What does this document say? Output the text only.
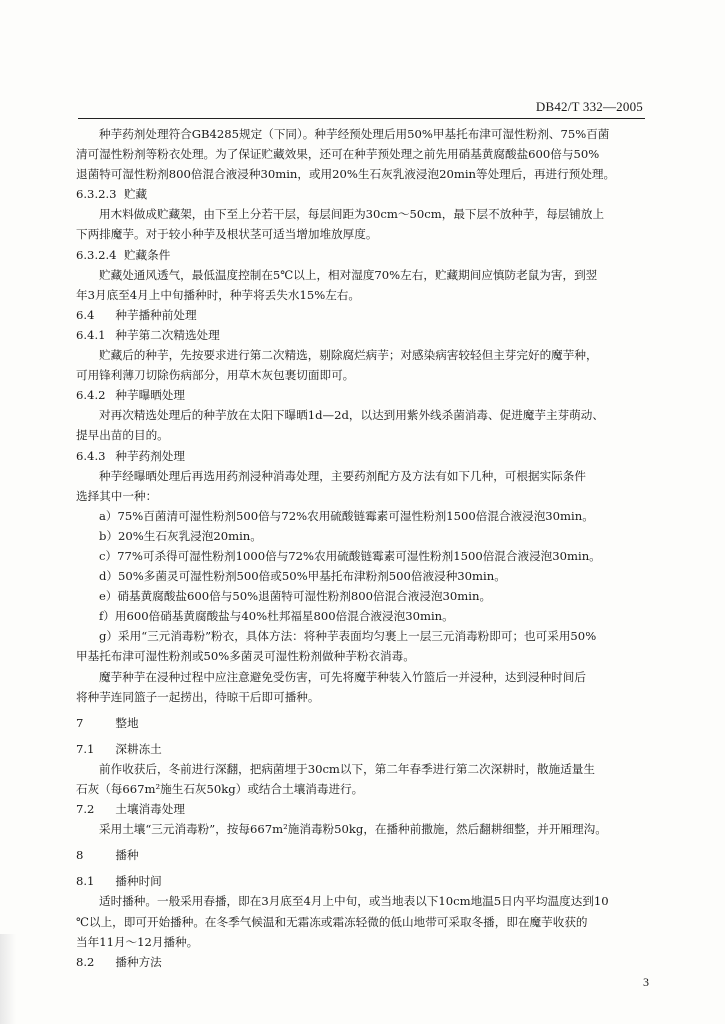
DB42/T 332—2005
种芋药剂处理符合GB4285规定（下同）。种芋经预处理后用50%甲基托布津可湿性粉剂、75%百菌
清可湿性粉剂等粉衣处理。为了保证贮藏效果，还可在种芋预处理之前先用硝基黄腐酸盐600倍与50%
退菌特可湿性粉剂800倍混合液浸种30min，或用20%生石灰乳液浸泡20min等处理后，再进行预处理。
6.3.2.3 贮藏
用木料做成贮藏架，由下至上分若干层，每层间距为30cm～50cm，最下层不放种芋，每层铺放上
下两排魔芋。对于较小种芋及根状茎可适当增加堆放厚度。
6.3.2.4 贮藏条件
贮藏处通风透气，最低温度控制在5℃以上，相对湿度70%左右，贮藏期间应慎防老鼠为害，到翌
年3月底至4月上中旬播种时，种芋将丢失水15%左右。
6.4 种芋播种前处理
6.4.1 种芋第二次精选处理
贮藏后的种芋，先按要求进行第二次精选，剔除腐烂病芋；对感染病害较轻但主芽完好的魔芋种，
可用锋利薄刀切除伤病部分，用草木灰包裹切面即可。
6.4.2 种芋曝晒处理
对再次精选处理后的种芋放在太阳下曝晒1d—2d，以达到用紫外线杀菌消毒、促进魔芋主芽萌动、
提早出苗的目的。
6.4.3 种芋药剂处理
种芋经曝晒处理后再选用药剂浸种消毒处理，主要药剂配方及方法有如下几种，可根据实际条件
选择其中一种：
a）75%百菌清可湿性粉剂500倍与72%农用硫酸链霉素可湿性粉剂1500倍混合液浸泡30min。
b）20%生石灰乳浸泡20min。
c）77%可杀得可湿性粉剂1000倍与72%农用硫酸链霉素可湿性粉剂1500倍混合液浸泡30min。
d）50%多菌灵可湿性粉剂500倍或50%甲基托布津粉剂500倍液浸种30min。
e）硝基黄腐酸盐600倍与50%退菌特可湿性粉剂800倍混合液浸泡30min。
f）用600倍硝基黄腐酸盐与40%杜邦福星800倍混合液浸泡30min。
g）采用“三元消毒粉”粉衣，具体方法：将种芋表面均匀裹上一层三元消毒粉即可；也可采用50%
甲基托布津可湿性粉剂或50%多菌灵可湿性粉剂做种芋粉衣消毒。
魔芋种芋在浸种过程中应注意避免受伤害，可先将魔芋种装入竹篮后一并浸种，达到浸种时间后
将种芋连同篮子一起捞出，待晾干后即可播种。
7	整地
7.1 深耕冻土
前作收获后，冬前进行深翻，把病菌埋于30cm以下，第二年春季进行第二次深耕时，散施适量生
石灰（每667m²施生石灰50kg）或结合土壤消毒进行。
7.2 土壤消毒处理
采用土壤“三元消毒粉”，按每667m²施消毒粉50kg，在播种前撒施，然后翻耕细整，并开厢理沟。
8	播种
8.1 播种时间
适时播种。一般采用春播，即在3月底至4月上中旬，或当地表以下10cm地温5日内平均温度达到10
℃以上，即可开始播种。在冬季气候温和无霜冻或霜冻轻微的低山地带可采取冬播，即在魔芋收获的
当年11月～12月播种。
8.2 播种方法
3
